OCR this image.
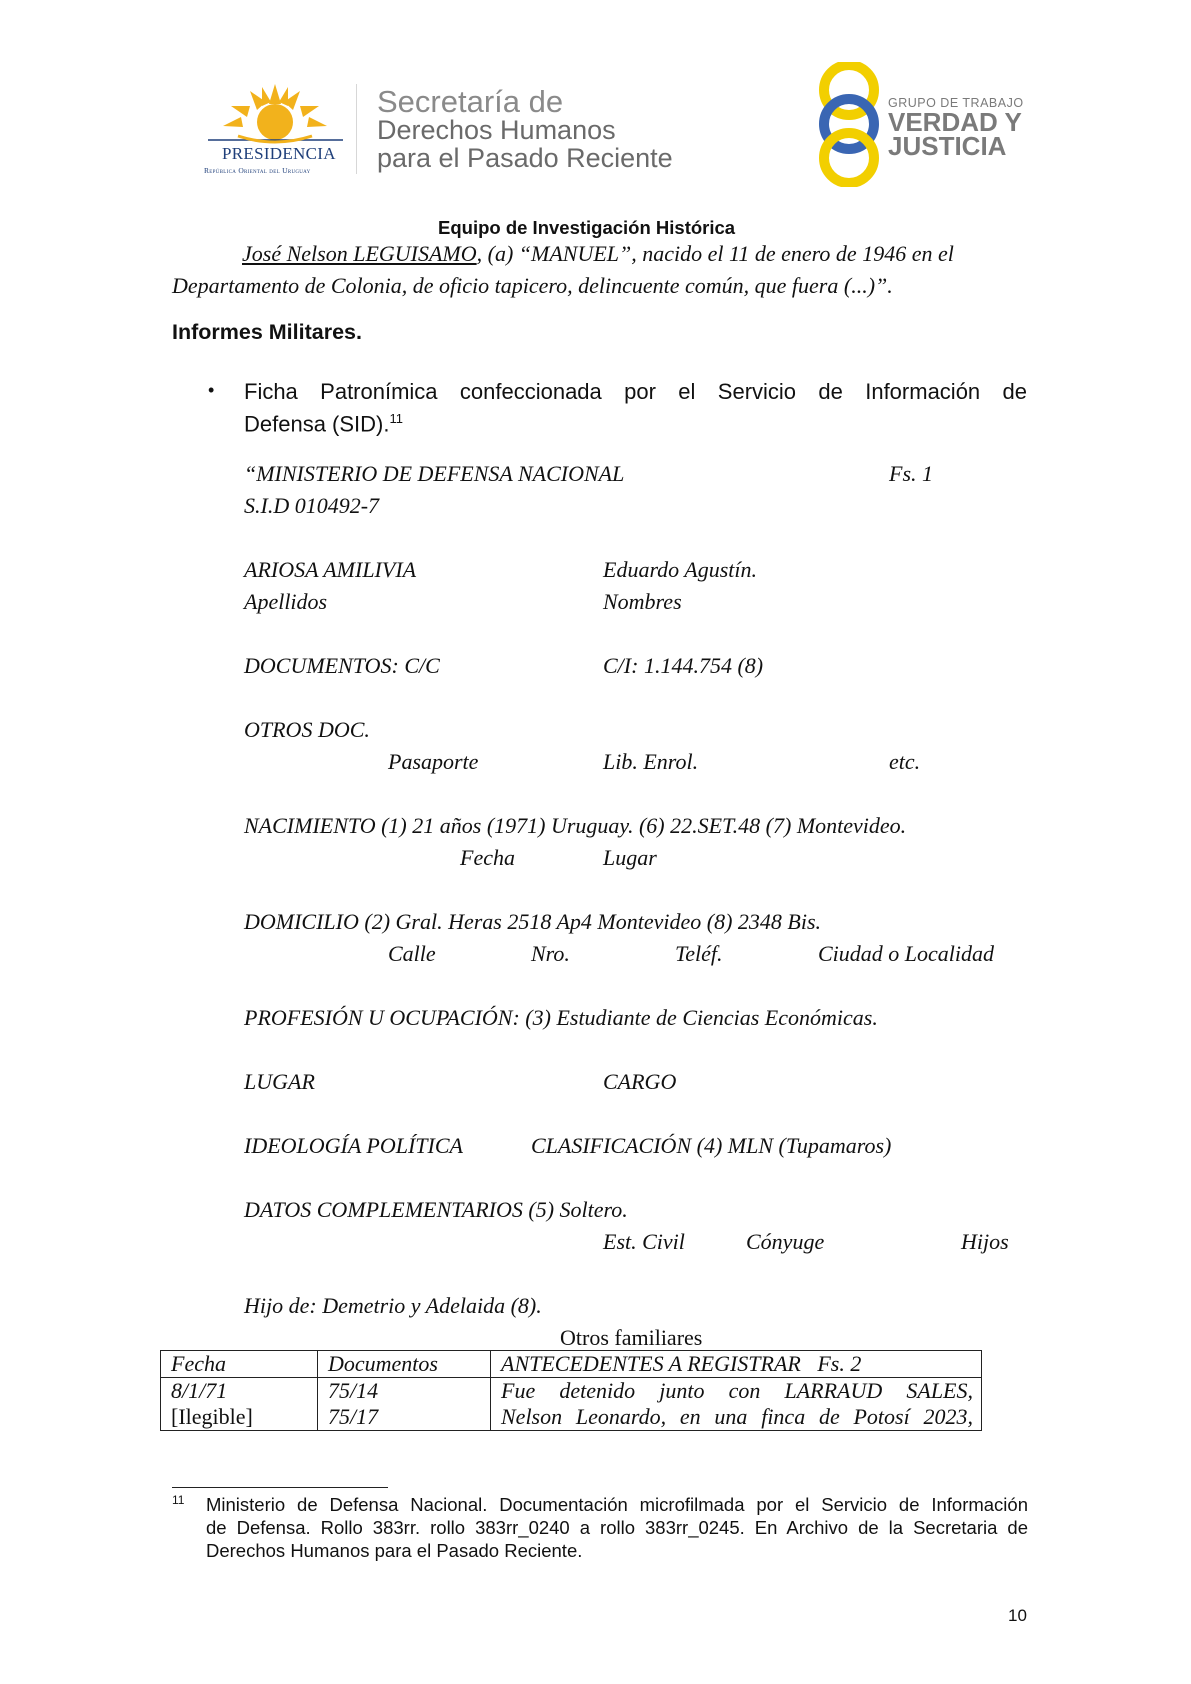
PRESIDENCIA
República Oriental del Uruguay
Secretaría de
Derechos Humanos
para el Pasado Reciente
GRUPO DE TRABAJO
VERDAD Y
JUSTICIA
Equipo de Investigación Histórica
José Nelson LEGUISAMO, (a) “MANUEL”, nacido el 11 de enero de 1946 en el
Departamento de Colonia, de oficio tapicero, delincuente común, que fuera (...)”.
Informes Militares.
• Ficha Patronímica confeccionada por el Servicio de Información de
Defensa (SID).$^{11}$
“MINISTERIO DE DEFENSA NACIONAL	Fs. 1
S.I.D 010492-7
ARIOSA AMILIVIA	Eduardo Agustín.
Apellidos	Nombres
DOCUMENTOS: C/C	C/I: 1.144.754 (8)
OTROS DOC.
Pasaporte	Lib. Enrol.	etc.
NACIMIENTO (1) 21 años (1971) Uruguay. (6) 22.SET.48 (7) Montevideo.
Fecha	Lugar
DOMICILIO (2) Gral. Heras 2518 Ap4 Montevideo (8) 2348 Bis.
Calle	Nro.	Teléf.	Ciudad o Localidad
PROFESIÓN U OCUPACIÓN: (3) Estudiante de Ciencias Económicas.
LUGAR	CARGO
IDEOLOGÍA POLÍTICA	CLASIFICACIÓN (4) MLN (Tupamaros)
DATOS COMPLEMENTARIOS (5) Soltero.
Est. Civil	Cónyuge	Hijos
Hijo de: Demetrio y Adelaida (8).
Otros familiares
Fecha	Documentos	ANTECEDENTES A REGISTRAR   Fs. 2
8/1/71	75/14	Fue detenido junto con LARRAUD SALES,
[Ilegible]	75/17	Nelson Leonardo, en una finca de Potosí 2023,
11 Ministerio de Defensa Nacional. Documentación microfilmada por el Servicio de Información
de Defensa. Rollo 383rr. rollo 383rr_0240 a rollo 383rr_0245. En Archivo de la Secretaria de
Derechos Humanos para el Pasado Reciente.
10
